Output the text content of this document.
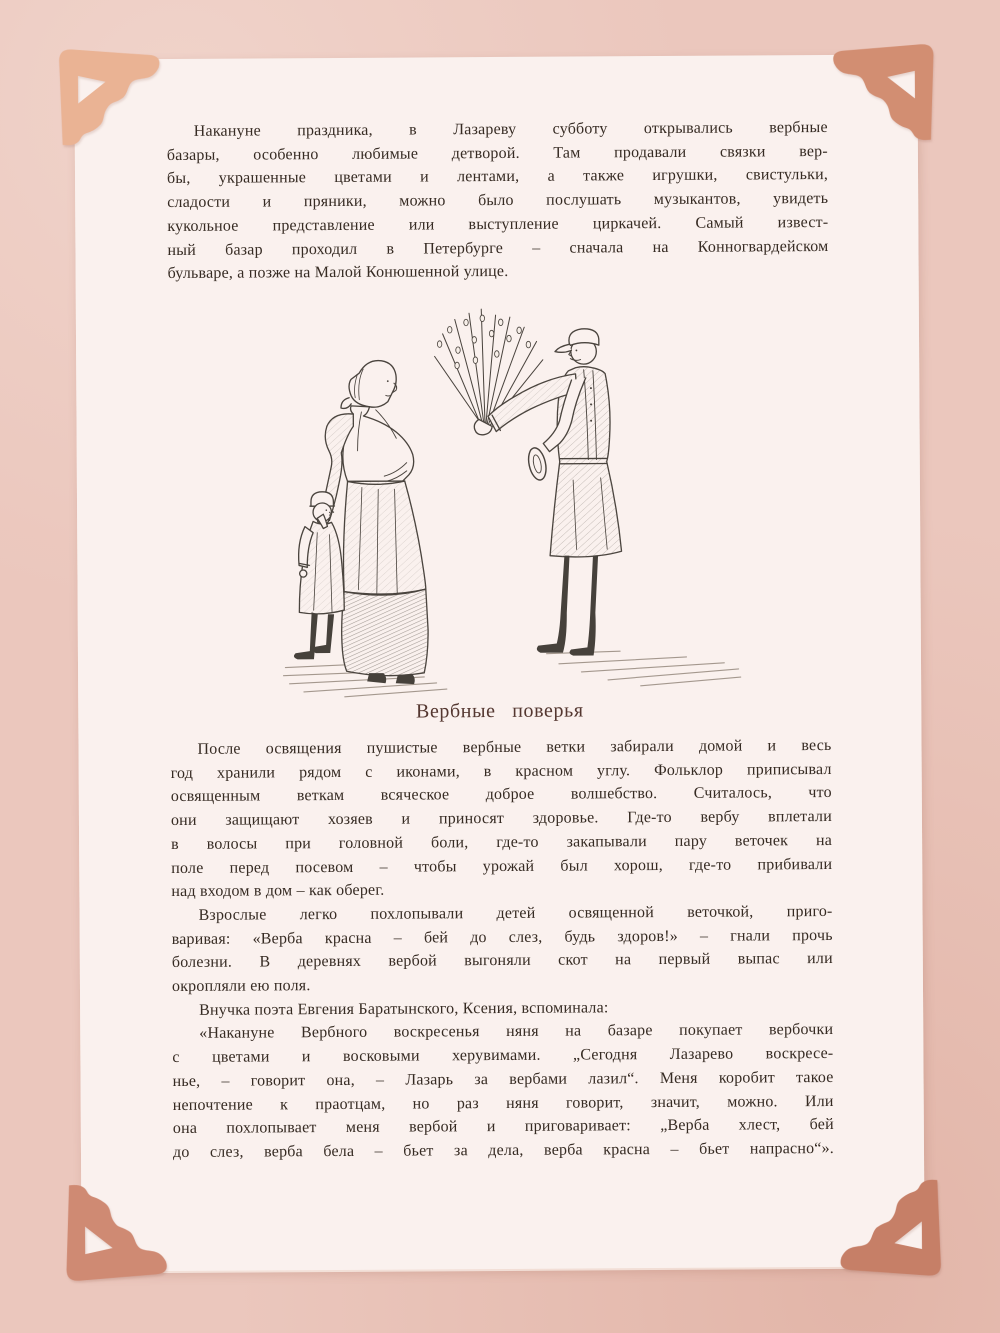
Накануне праздника, в Лазареву субботу открывались вербные
базары, особенно любимые детворой. Там продавали связки вер-
бы, украшенные цветами и лентами, а также игрушки, свистульки,
сладости и пряники, можно было послушать музыкантов, увидеть
кукольное представление или выступление циркачей. Самый извест-
ный базар проходил в Петербурге – сначала на Конногвардейском
бульваре, а позже на Малой Конюшенной улице.
Вербные поверья
После освящения пушистые вербные ветки забирали домой и весь
год хранили рядом с иконами, в красном углу. Фольклор приписывал
освященным веткам всяческое доброе волшебство. Считалось, что
они защищают хозяев и приносят здоровье. Где-то вербу вплетали
в волосы при головной боли, где-то закапывали пару веточек на
поле перед посевом – чтобы урожай был хорош, где-то прибивали
над входом в дом – как оберег.
Взрослые легко похлопывали детей освященной веточкой, приго-
варивая: «Верба красна – бей до слез, будь здоров!» – гнали прочь
болезни. В деревнях вербой выгоняли скот на первый выпас или
окропляли ею поля.
Внучка поэта Евгения Баратынского, Ксения, вспоминала:
«Накануне Вербного воскресенья няня на базаре покупает вербочки
с цветами и восковыми херувимами. „Сегодня Лазарево воскресе-
нье, – говорит она, – Лазарь за вербами лазил“. Меня коробит такое
непочтение к праотцам, но раз няня говорит, значит, можно. Или
она похлопывает меня вербой и приговаривает: „Верба хлест, бей
до слез, верба бела – бьет за дела, верба красна – бьет напрасно“».
